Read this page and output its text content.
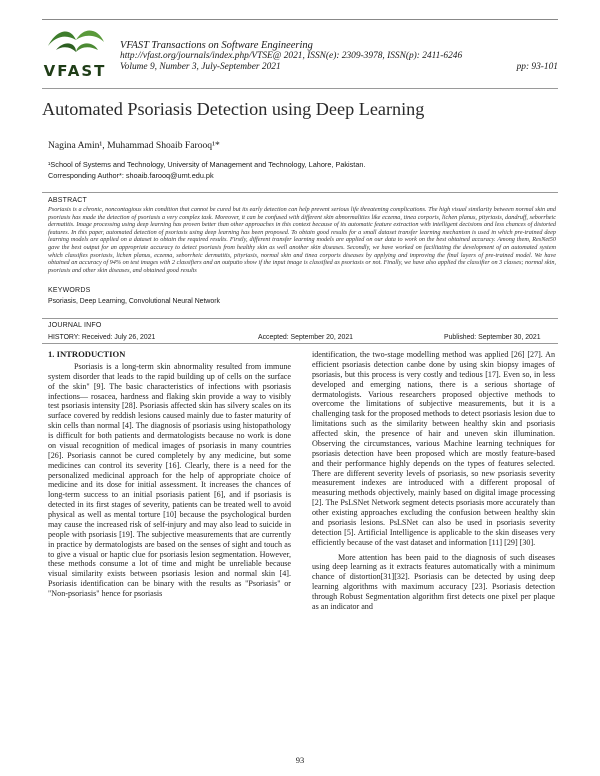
VFAST
VFAST Transactions on Software Engineering
http://vfast.org/journals/index.php/VTSE@ 2021, ISSN(e): 2309-3978, ISSN(p): 2411-6246
Volume 9, Number 3, July-September 2021	pp: 93-101
Automated Psoriasis Detection using Deep Learning
Nagina Amin¹, Muhammad Shoaib Farooq¹*
¹School of Systems and Technology, University of Management and Technology, Lahore, Pakistan.
Corresponding Author*: shoaib.farooq@umt.edu.pk
ABSTRACT
Psoriasis is a chronic, noncontagious skin condition that cannot be cured but its early detection can help prevent serious life threatening complications. The high visual similarity between normal skin and psoriasis has made the detection of psoriasis a very complex task. Moreover, it can be confused with different skin abnormalities like eczema, tinea corporis, lichen planus, pityriasis, dandruff, seborrheic dermatitis. Image processing using deep learning has proven better than other approaches in this context because of its automatic feature extraction with intelligent decisions and less chances of distorted features. In this paper, automated detection of psoriasis using deep learning has been proposed. To obtain good results for a small dataset transfer learning mechanism is used in which pre-trained deep learning models are applied on a dataset to obtain the required results. Firstly, different transfer learning models are applied on our data to work on the best obtained accuracy. Among them, ResNet50 gave the best output for an appropriate accuracy to detect psoriasis from healthy skin as well another skin diseases. Secondly, we have worked on facilitating the development of an automated system which classifies psoriasis, lichen planus, eczema, seborrheic dermatitis, pityriasis, normal skin and tinea corporis diseases by applying and improving the final layers of pre-trained model. We have obtained an accuracy of 94% on test images with 2 classifiers and an outputto show if the input image is classified as psoriasis or not. Finally, we have also applied the classifier on 3 classes; normal skin, psoriasis and other skin diseases, and obtained good results
KEYWORDS
Psoriasis, Deep Learning, Convolutional Neural Network
JOURNAL INFO
HISTORY: Received: July 26, 2021	Accepted: September 20, 2021	Published: September 30, 2021
1. INTRODUCTION

Psoriasis is a long-term skin abnormality resulted from immune system disorder that leads to the rapid building up of cells on the surface of the skin" [9]. The basic characteristics of infections with psoriasis infections— rosacea, hardness and flaking skin provide a way to visibly test psoriasis intensity [28]. Psoriasis affected skin has silvery scales on its surface covered by reddish lesions caused mainly due to faster maturity of skin cells than normal [4]. The diagnosis of psoriasis using histopathology is difficult for both patients and dermatologists because no work is done on visual recognition of medical images of psoriasis in many countries [26]. Psoriasis cannot be cured completely by any medicine, but some medicines can control its severity [16]. Clearly, there is a need for the personalized medicinal approach for the help of appropriate choice of medicine and its dose for initial assessment. It increases the chances of long-term success to an initial psoriasis patient [6], and if psoriasis is detected in its first stages of severity, patients can be treated well to avoid physical as well as mental torture [10] because the psychological burden may cause the increased risk of self-injury and may also lead to suicide in people with psoriasis [19]. The subjective measurements that are currently in practice by dermatologists are based on the senses of sight and touch as to give a visual or haptic clue for psoriasis lesion segmentation. However, these methods consume a lot of time and might be unreliable because visual similarity exists between psoriasis lesion and normal skin [4]. Psoriasis identification can be binary with the results as "Psoriasis" or "Non-psoriasis" hence for psoriasis

identification, the two-stage modelling method was applied [26] [27]. An efficient psoriasis detection canbe done by using skin biopsy images of psoriasis, but this process is very costly and tedious [17]. Even so, in less developed and emerging nations, there is a serious shortage of dermatologists. Various researchers proposed objective methods to overcome the limitations of subjective measurements, but it is a challenging task for the proposed methods to detect psoriasis lesion due to limitations such as the similarity between healthy skin and psoriasis affected skin, the presence of hair and uneven skin illumination. Observing the circumstances, various Machine learning techniques for psoriasis detection have been proposed which are mostly feature-based and their performance highly depends on the types of features selected. There are different severity levels of psoriasis, so new psoriasis severity measurement indexes are introduced with a different proposal of measuring methods objectively, mainly based on digital image processing [2]. The PsLSNet Network segment detects psoriasis more accurately than other existing approaches excluding the confusion between healthy skin and psoriasis lesions. PsLSNet can also be used in psoriasis severity detection [5]. Artificial Intelligence is applicable to the skin diseases very efficiently because of the vast dataset and information [11] [29] [30].

More attention has been paid to the diagnosis of such diseases using deep learning as it extracts features automatically with a minimum chance of distortion[31][32]. Psoriasis can be detected by using deep learning algorithms with maximum accuracy [23]. Psoriasis detection through Robust Segmentation algorithm first detects one pixel per plaque as an indicator and

93
